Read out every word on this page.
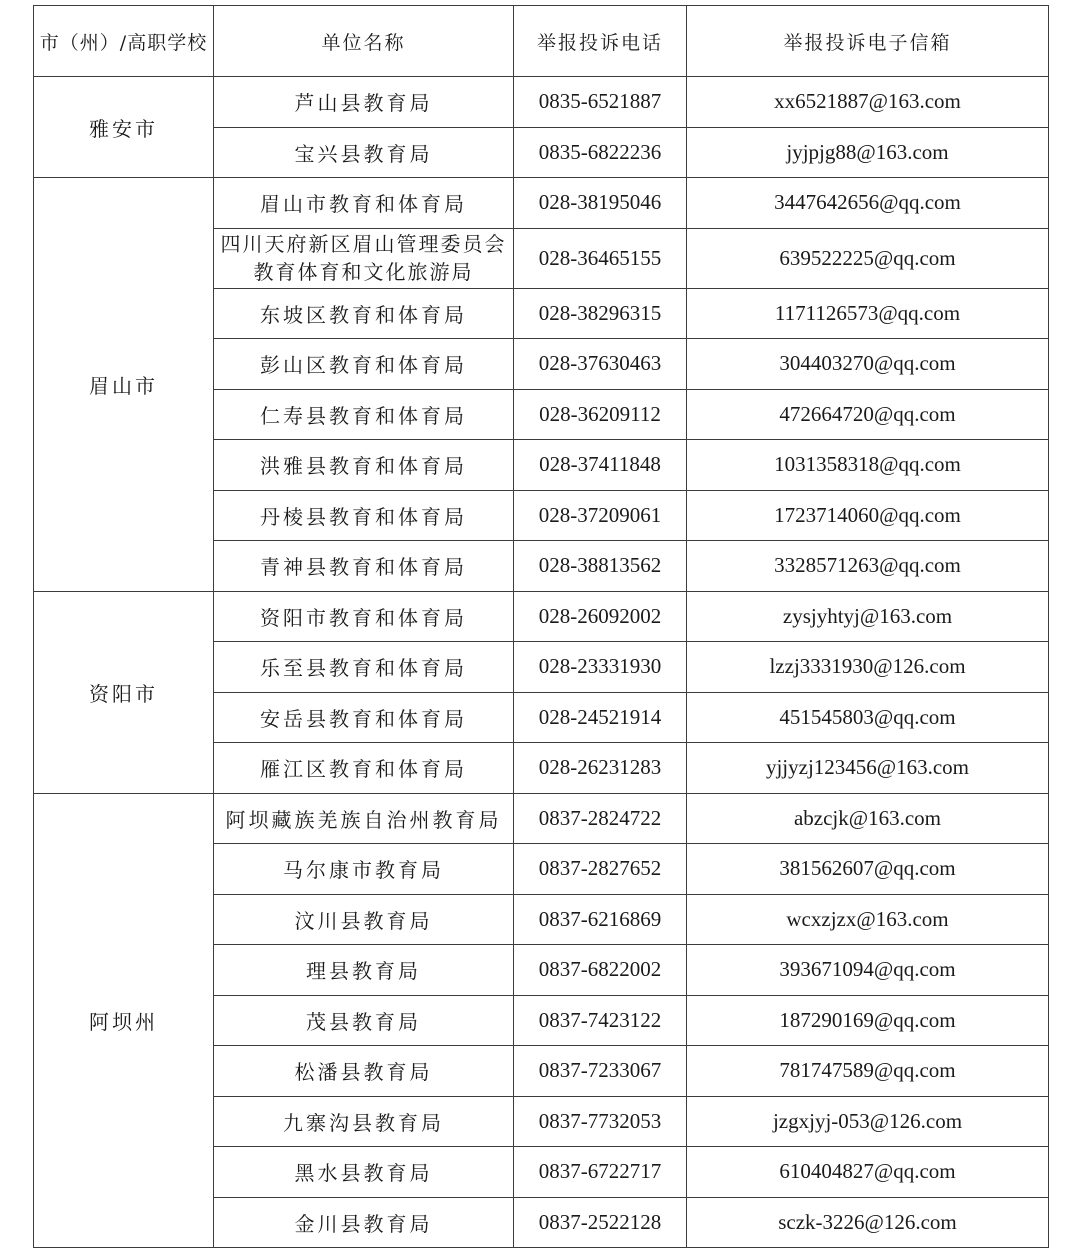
市（州）/高职学校	单位名称	举报投诉电话	举报投诉电子信箱
雅安市	芦山县教育局	0835-6521887	xx6521887@163.com
	宝兴县教育局	0835-6822236	jyjpjg88@163.com
眉山市	眉山市教育和体育局	028-38195046	3447642656@qq.com

	四川天府新区眉山管理委员会
教育体育和文化旅游局	028-36465155	639522225@qq.com
	东坡区教育和体育局	028-38296315	1171126573@qq.com
	彭山区教育和体育局	028-37630463	304403270@qq.com
	仁寿县教育和体育局	028-36209112	472664720@qq.com
	洪雅县教育和体育局	028-37411848	1031358318@qq.com
	丹棱县教育和体育局	028-37209061	1723714060@qq.com
	青神县教育和体育局	028-38813562	3328571263@qq.com
资阳市	资阳市教育和体育局	028-26092002	zysjyhtyj@163.com
	乐至县教育和体育局	028-23331930	lzzj3331930@126.com
	安岳县教育和体育局	028-24521914	451545803@qq.com
	雁江区教育和体育局	028-26231283	yjjyzj123456@163.com
阿坝州	阿坝藏族羌族自治州教育局	0837-2824722	abzcjk@163.com
	马尔康市教育局	0837-2827652	381562607@qq.com
	汶川县教育局	0837-6216869	wcxzjzx@163.com
	理县教育局	0837-6822002	393671094@qq.com
	茂县教育局	0837-7423122	187290169@qq.com
	松潘县教育局	0837-7233067	781747589@qq.com
	九寨沟县教育局	0837-7732053	jzgxjyj-053@126.com
	黑水县教育局	0837-6722717	610404827@qq.com
	金川县教育局	0837-2522128	sczk-3226@126.com
